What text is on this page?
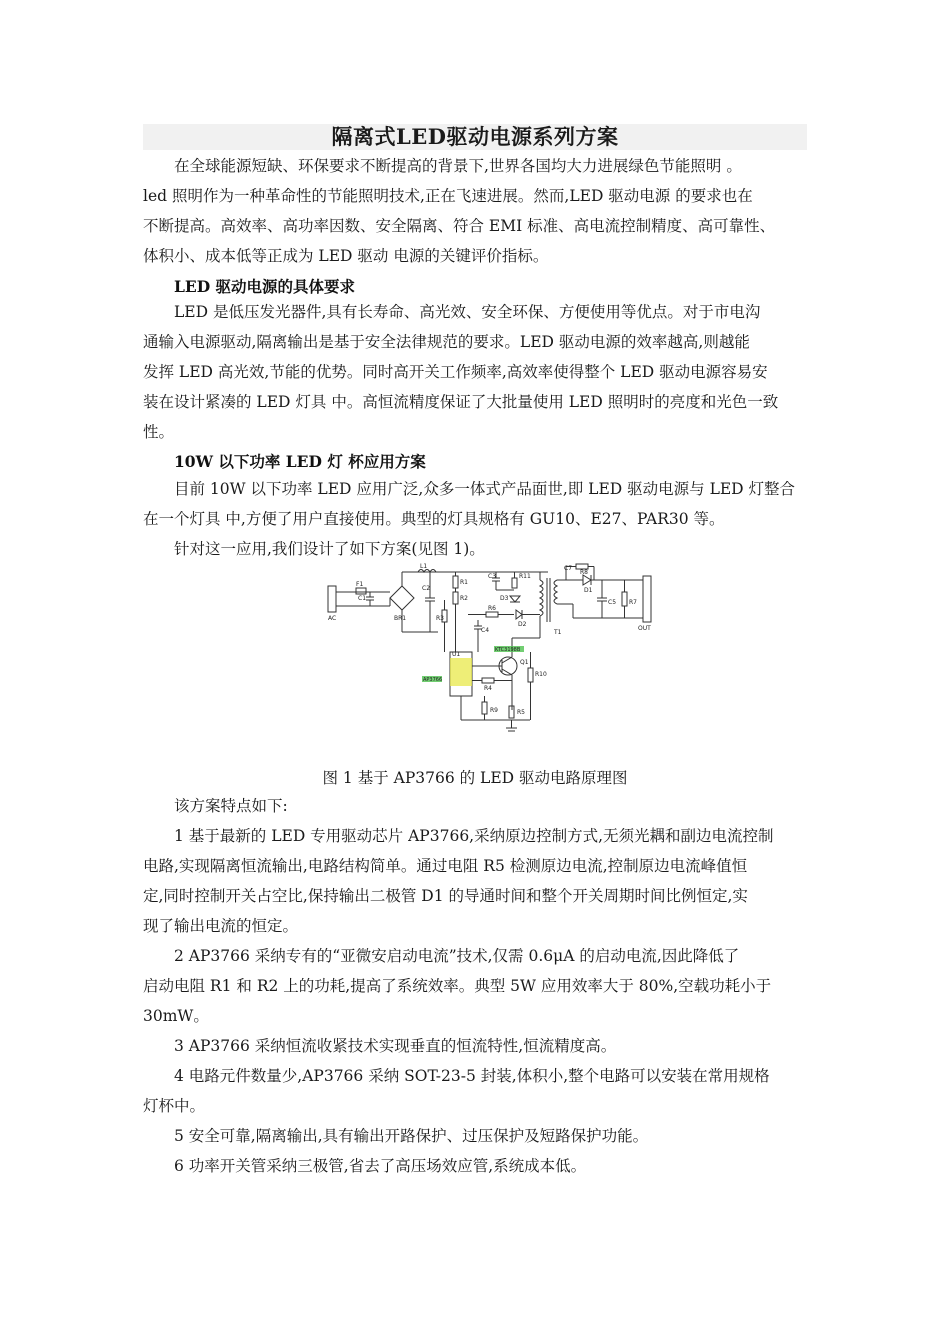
隔离式LED驱动电源系列方案
在全球能源短缺、环保要求不断提高的背景下,世界各国均大力进展绿色节能照明 。
led 照明作为一种革命性的节能照明技术,正在飞速进展。然而,LED 驱动电源 的要求也在
不断提高。高效率、高功率因数、安全隔离、符合 EMI 标准、高电流控制精度、高可靠性、
体积小、成本低等正成为 LED 驱动 电源的关键评价指标。
LED 驱动电源的具体要求
LED 是低压发光器件,具有长寿命、高光效、安全环保、方便使用等优点。对于市电沟
通输入电源驱动,隔离输出是基于安全法律规范的要求。LED 驱动电源的效率越高,则越能
发挥 LED 高光效,节能的优势。同时高开关工作频率,高效率使得整个 LED 驱动电源容易安
装在设计紧凑的 LED 灯具 中。高恒流精度保证了大批量使用 LED 照明时的亮度和光色一致
性。
10W 以下功率 LED 灯 杯应用方案
目前 10W 以下功率 LED 应用广泛,众多一体式产品面世,即 LED 驱动电源与 LED 灯整合
在一个灯具 中,方便了用户直接使用。典型的灯具规格有 GU10、E27、PAR30 等。
针对这一应用,我们设计了如下方案(见图 1)。
AC
OUT
F1
C1
BR1
L1
C2
R1
R2
R3
C3	R11
D3
R6
D2
C4	T1
C7
R8
D1
C5 R7
U1
Q1
R4
R10
R9	R5
AP3766
KTC3198B
图 1 基于 AP3766 的 LED 驱动电路原理图
该方案特点如下:
1 基于最新的 LED 专用驱动芯片 AP3766,采纳原边控制方式,无须光耦和副边电流控制
电路,实现隔离恒流输出,电路结构简单。通过电阻 R5 检测原边电流,控制原边电流峰值恒
定,同时控制开关占空比,保持输出二极管 D1 的导通时间和整个开关周期时间比例恒定,实
现了输出电流的恒定。
2 AP3766 采纳专有的“亚微安启动电流”技术,仅需 0.6μA 的启动电流,因此降低了
启动电阻 R1 和 R2 上的功耗,提高了系统效率。典型 5W 应用效率大于 80%,空载功耗小于
30mW。
3 AP3766 采纳恒流收紧技术实现垂直的恒流特性,恒流精度高。
4 电路元件数量少,AP3766 采纳 SOT-23-5 封装,体积小,整个电路可以安装在常用规格
灯杯中。
5 安全可靠,隔离输出,具有输出开路保护、过压保护及短路保护功能。
6 功率开关管采纳三极管,省去了高压场效应管,系统成本低。
